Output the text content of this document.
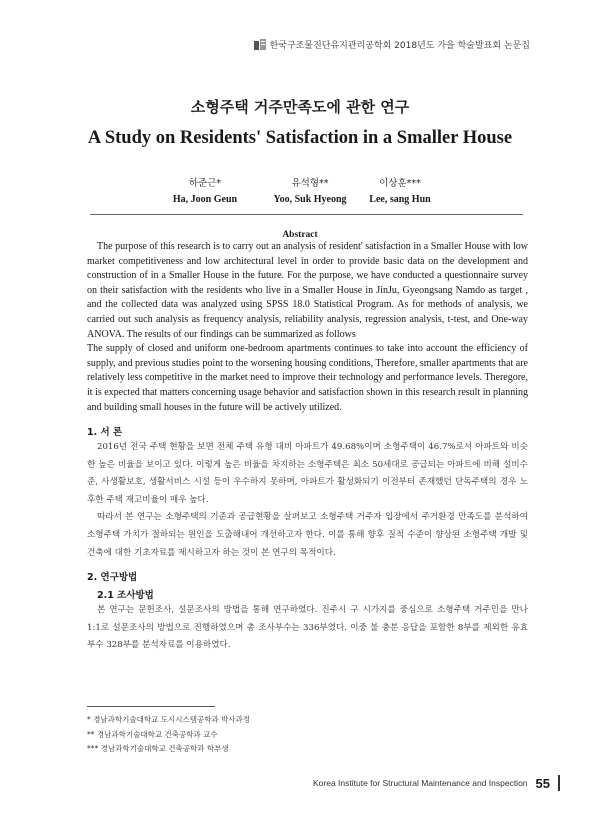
한국구조물진단유지관리공학회 2018년도 가을 학술발표회 논문집
소형주택 거주만족도에 관한 연구
A Study on Residents' Satisfaction in a Smaller House
하준근*
Ha, Joon Geun
유석형**
Yoo, Suk Hyeong
이상훈***
Lee, sang Hun
Abstract

The purpose of this research is to carry out an analysis of resident' satisfaction in a Smaller House with low market competitiveness and low architectural level in order to provide basic data on the development and construction of in a Smaller House in the future. For the purpose, we have conducted a questionnaire survey on their satisfaction with the residents who live in a Smaller House in JinJu, Gyeongsang Namdo as target , and the collected data was analyzed using SPSS 18.0 Statistical Program. As for methods of analysis, we carried out such analysis as frequency analysis, reliability analysis, regression analysis, t-test, and One-way ANOVA. The results of our findings can be summarized as follows

The supply of closed and uniform one-bedroom apartments continues to take into account the efficiency of supply, and previous studies point to the worsening housing conditions, Therefore, smaller apartments that are relatively less competitive in the market need to improve their technology and performance levels. Theregore, it is expected that matters concerning usage behavior and satisfaction shown in this research result in planning and building small houses in the future will be actively utilized.

1. 서 론

2016년 전국 주택 현황을 보면 전체 주택 유형 대비 아파트가 49.68%이며 소형주택이 46.7%로서 아파트와 비슷한 높은 비율을 보이고 있다. 이렇게 높은 비율을 차지하는 소형주택은 최소 50세대로 공급되는 아파트에 비해 설비수준, 사생활보호, 생활서비스 시설 등이 우수하지 못하며, 아파트가 활성화되기 이전부터 존재했던 단독주택의 경우 노후한 주택 재고비율이 매우 높다.

따라서 본 연구는 소형주택의 기준과 공급현황을 살펴보고 소형주택 거주자 입장에서 주거환경 만족도를 분석하여 소형주택 가치가 절하되는 원인을 도출해내어 개선하고자 한다. 이를 통해 향후 질적 수준이 향상된 소형주택 개발 및 건축에 대한 기초자료를 제시하고자 하는 것이 본 연구의 목적이다.

2. 연구방법
2.1 조사방법

본 연구는 문헌조사, 설문조사의 방법을 통해 연구하였다. 진주시 구 시가지를 중심으로 소형주택 거주민을 만나 1:1로 설문조사의 방법으로 진행하였으며 총 조사부수는 336부였다. 이중 불 충분 응답을 포함한 8부를 제외한 유효부수 328부를 분석자료를 이용하였다.

* 경남과학기술대학교 도시시스템공학과 박사과정
** 경남과학기술대학교 건축공학과 교수
*** 경남과학기술대학교 건축공학과 학부생
Korea Institute for Structural Maintenance and Inspection 55
